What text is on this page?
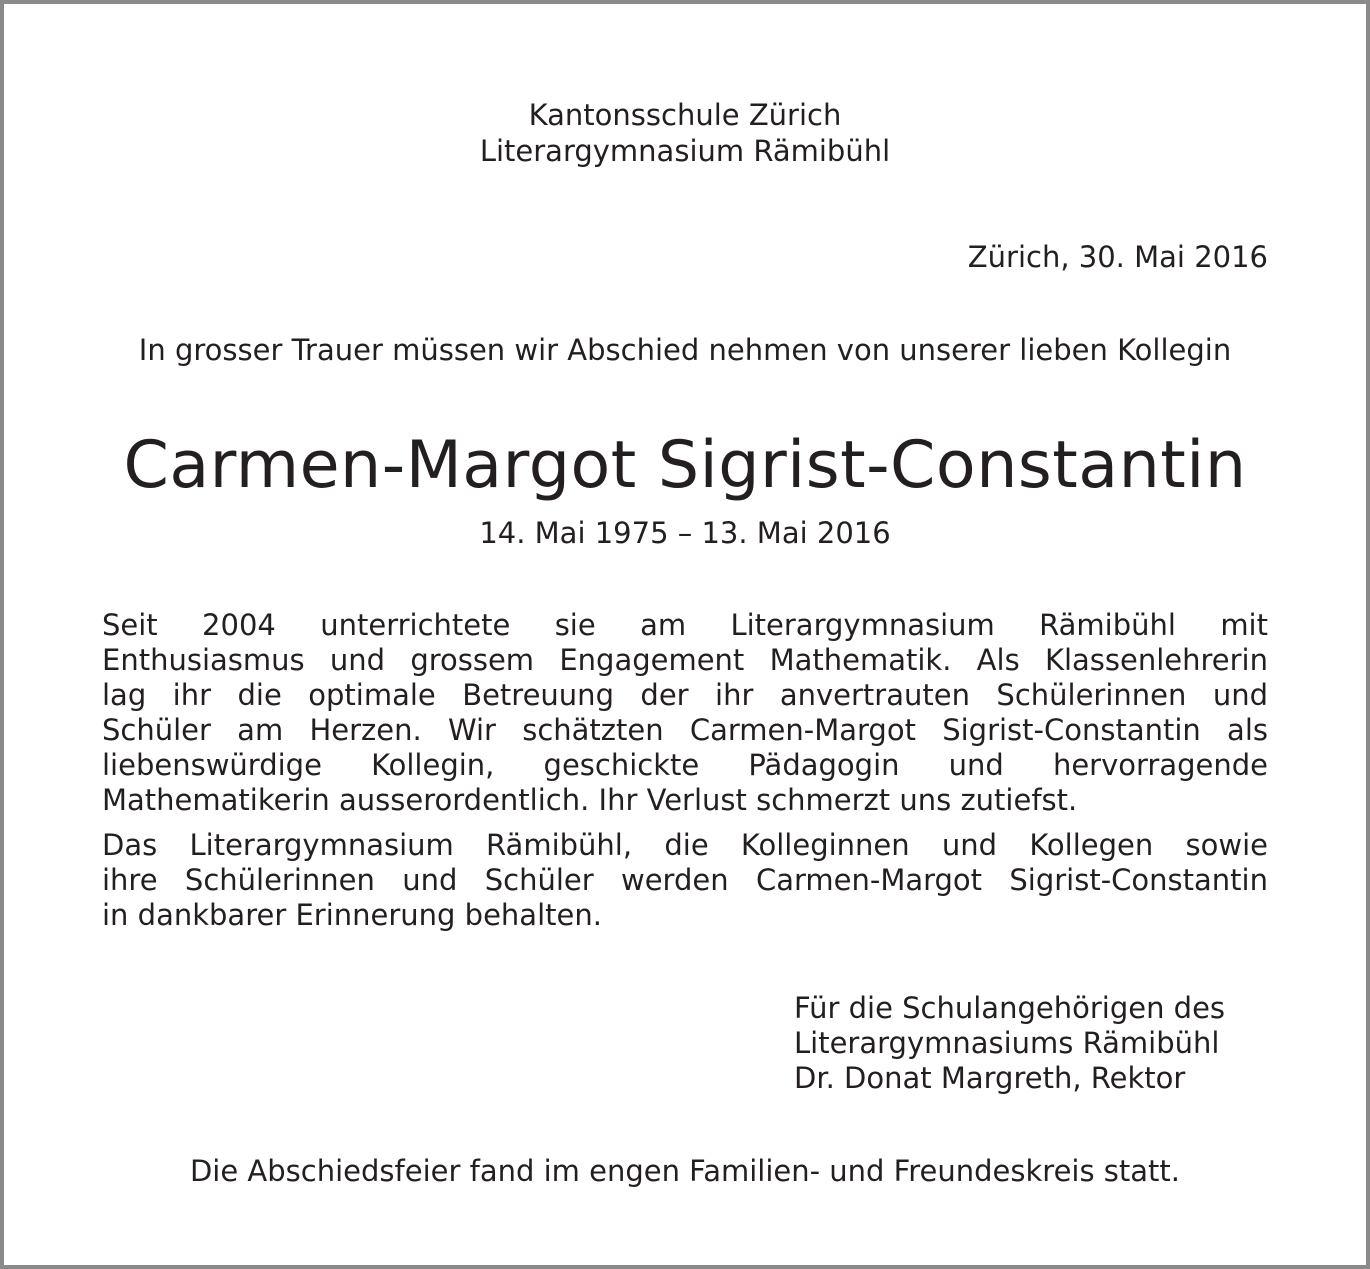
Kantonsschule Zürich
Literargymnasium Rämibühl
Zürich, 30. Mai 2016
In grosser Trauer müssen wir Abschied nehmen von unserer lieben Kollegin
Carmen-Margot Sigrist-Constantin
14. Mai 1975 – 13. Mai 2016
Seit 2004 unterrichtete sie am Literargymnasium Rämibühl mit
Enthusiasmus und grossem Engagement Mathematik. Als Klassenlehrerin
lag ihr die optimale Betreuung der ihr anvertrauten Schülerinnen und
Schüler am Herzen. Wir schätzten Carmen-Margot Sigrist-Constantin als
liebenswürdige Kollegin, geschickte Pädagogin und hervorragende
Mathematikerin ausserordentlich. Ihr Verlust schmerzt uns zutiefst.
Das Literargymnasium Rämibühl, die Kolleginnen und Kollegen sowie
ihre Schülerinnen und Schüler werden Carmen-Margot Sigrist-Constantin
in dankbarer Erinnerung behalten.
Für die Schulangehörigen des
Literargymnasiums Rämibühl
Dr. Donat Margreth, Rektor
Die Abschiedsfeier fand im engen Familien- und Freundeskreis statt.
